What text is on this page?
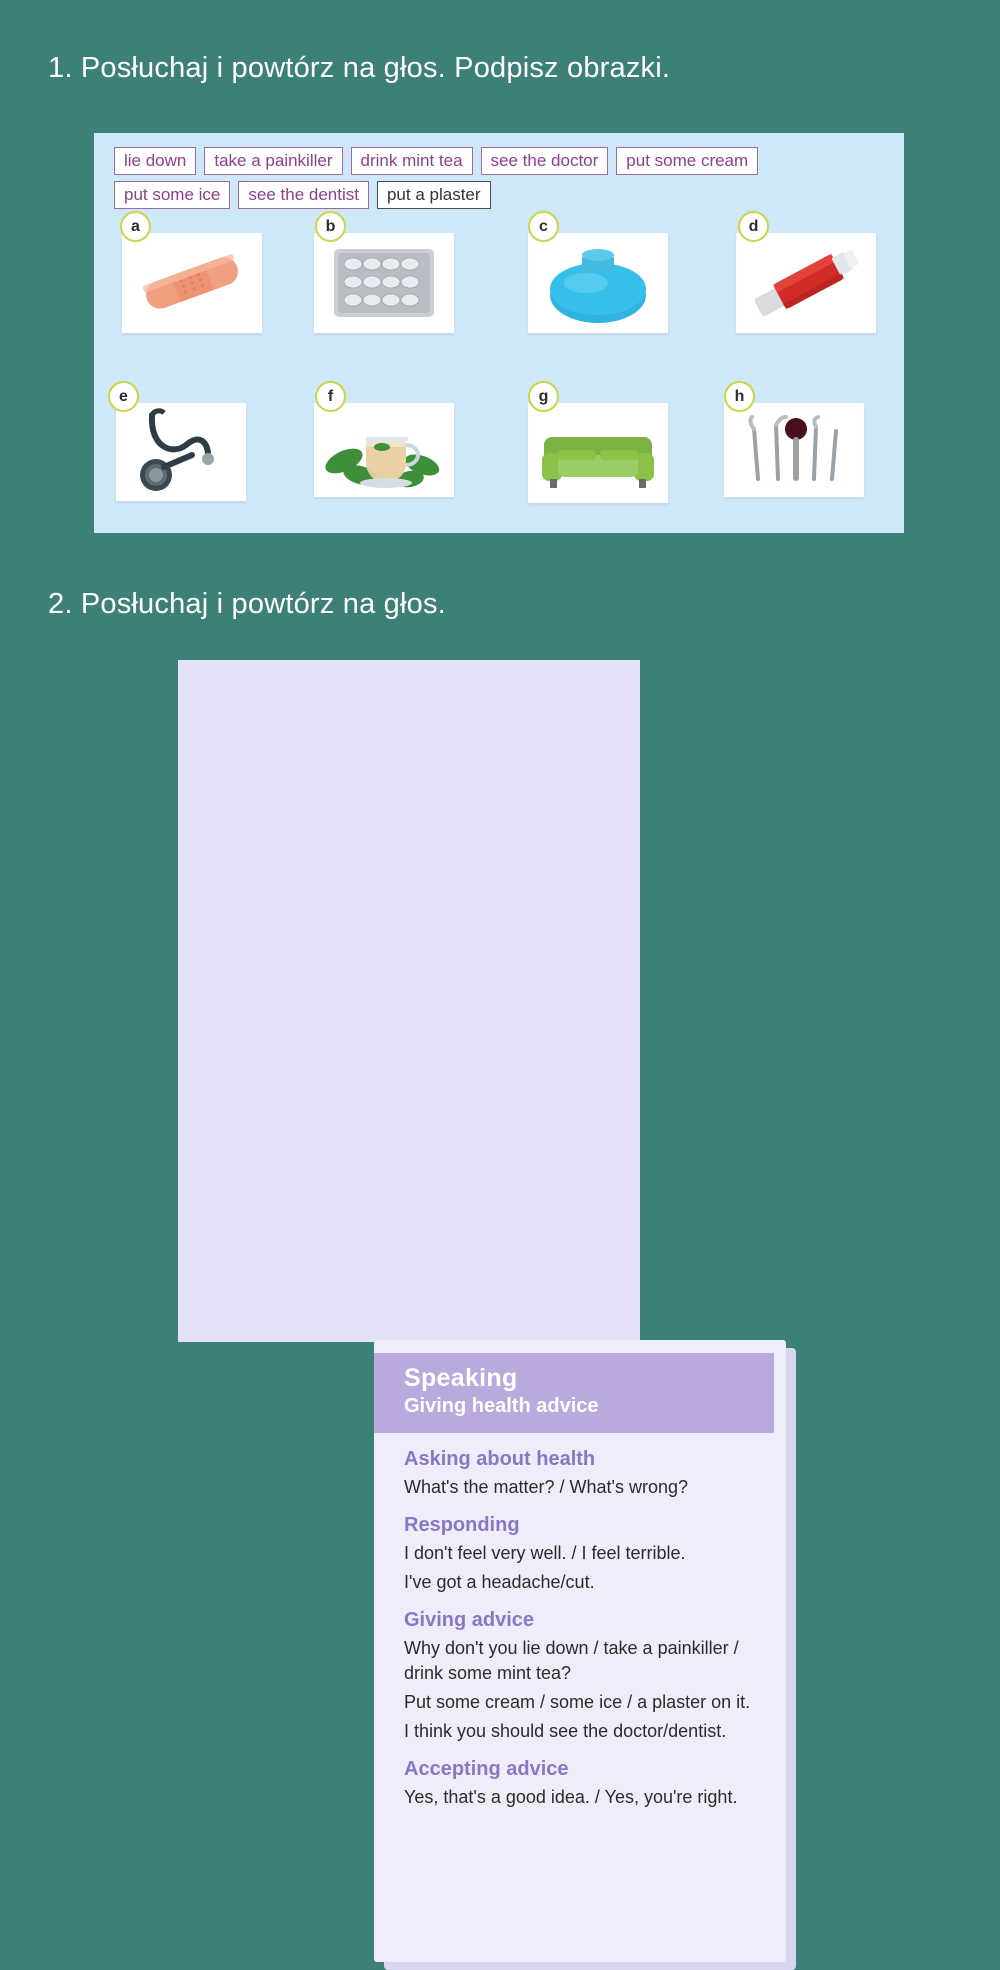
1. Posłuchaj i powtórz na głos. Podpisz obrazki.
lie down	take a painkiller	drink mint tea	see the doctor	put some cream
put some ice	see the dentist	put a plaster
a	b	c	d
e	f	g	h
2. Posłuchaj i powtórz na głos.
Speaking
Giving health advice
Asking about health
What's the matter? / What's wrong?
Responding
I don't feel very well. / I feel terrible.
I've got a headache/cut.
Giving advice
Why don't you lie down / take a painkiller / drink some mint tea?
Put some cream / some ice / a plaster on it.
I think you should see the doctor/dentist.
Accepting advice
Yes, that's a good idea. / Yes, you're right.
